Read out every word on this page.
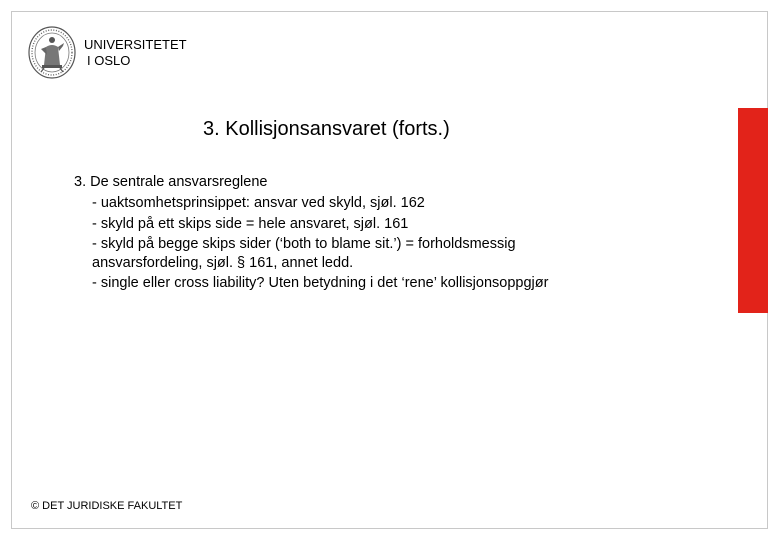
UNIVERSITETET
I OSLO
3. Kollisjonsansvaret (forts.)
3. De sentrale ansvarsreglene
- uaktsomhetsprinsippet: ansvar ved skyld, sjøl. 162
- skyld på ett skips side = hele ansvaret, sjøl. 161
- skyld på begge skips sider (‘both to blame sit.’) = forholdsmessig
ansvarsfordeling, sjøl. § 161, annet ledd.
- single eller cross liability? Uten betydning i det ‘rene’ kollisjonsoppgjør
© DET JURIDISKE FAKULTET
